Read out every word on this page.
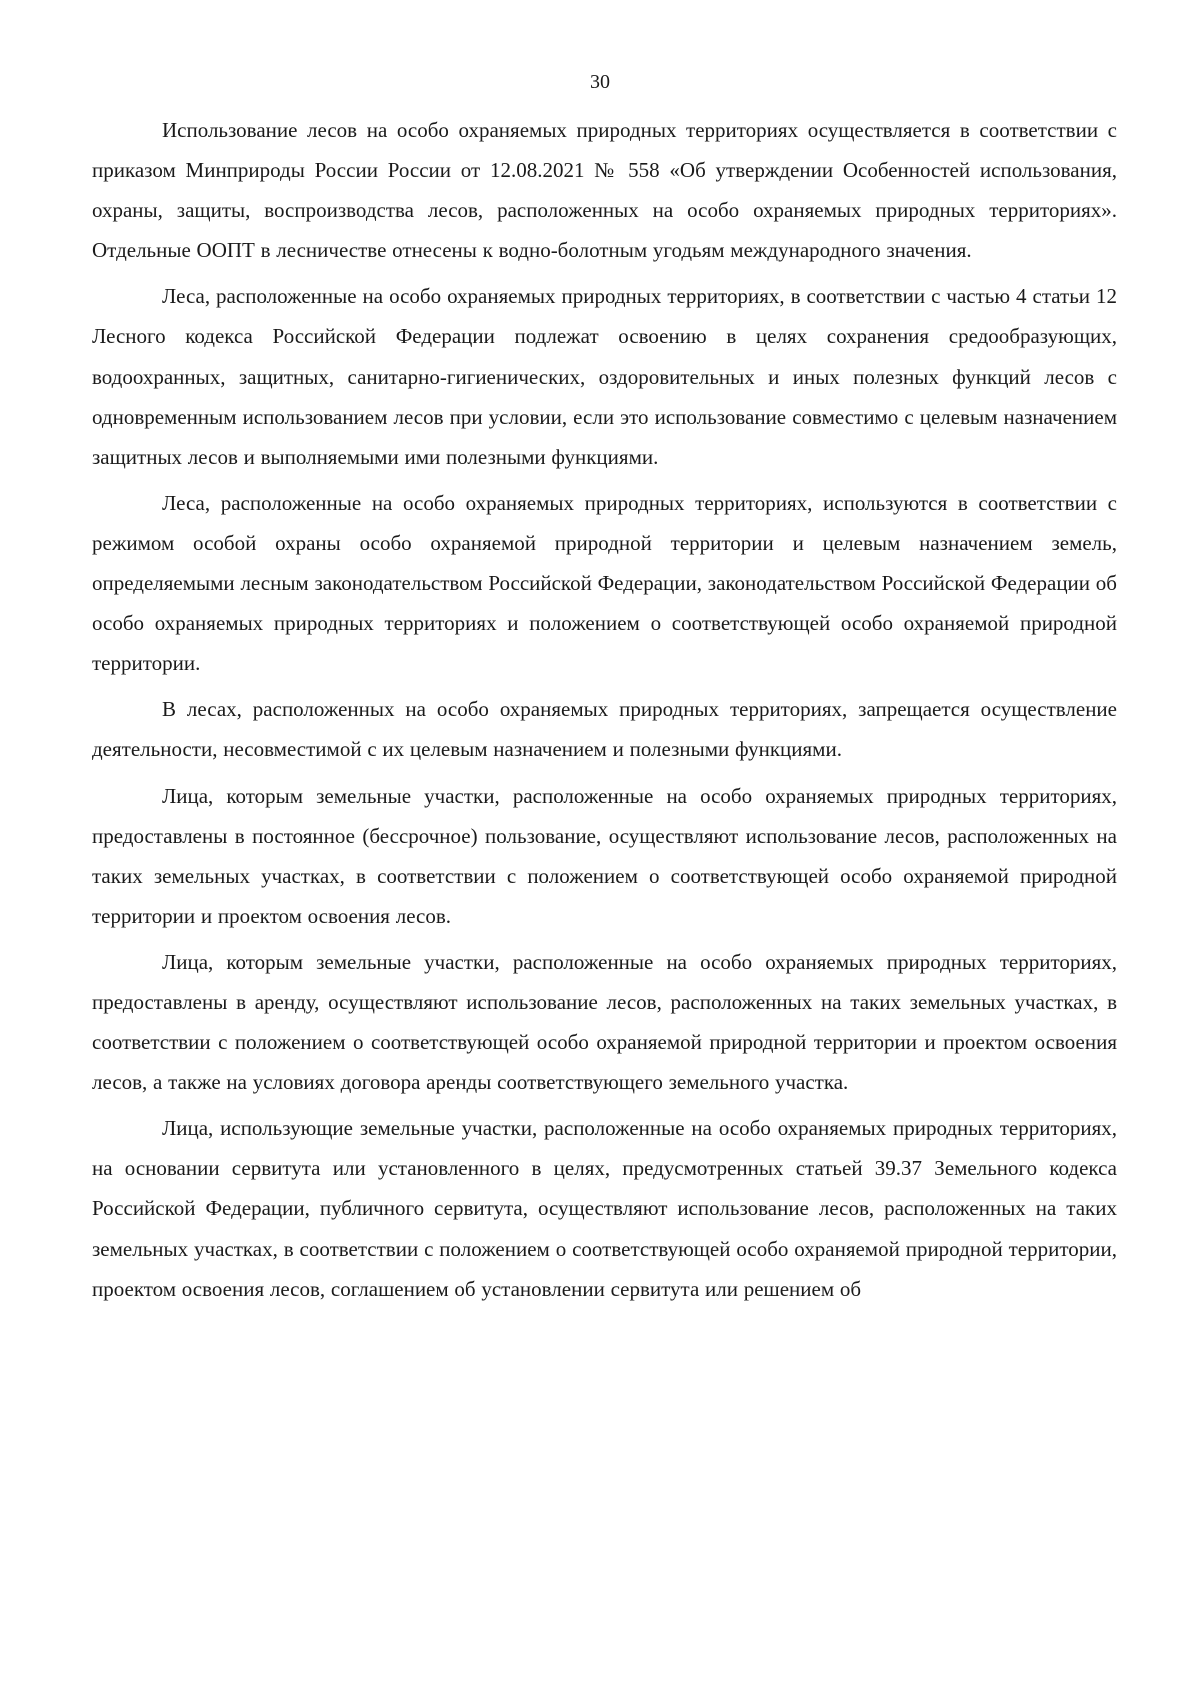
30

Использование лесов на особо охраняемых природных территориях осуществляется в соответствии с приказом Минприроды России России от 12.08.2021 № 558 «Об утверждении Особенностей использования, охраны, защиты, воспроизводства лесов, расположенных на особо охраняемых природных территориях». Отдельные ООПТ в лесничестве отнесены к водно-болотным угодьям международного значения.

Леса, расположенные на особо охраняемых природных территориях, в соответствии с частью 4 статьи 12 Лесного кодекса Российской Федерации подлежат освоению в целях сохранения средообразующих, водоохранных, защитных, санитарно-гигиенических, оздоровительных и иных полезных функций лесов с одновременным использованием лесов при условии, если это использование совместимо с целевым назначением защитных лесов и выполняемыми ими полезными функциями.

Леса, расположенные на особо охраняемых природных территориях, используются в соответствии с режимом особой охраны особо охраняемой природной территории и целевым назначением земель, определяемыми лесным законодательством Российской Федерации, законодательством Российской Федерации об особо охраняемых природных территориях и положением о соответствующей особо охраняемой природной территории.

В лесах, расположенных на особо охраняемых природных территориях, запрещается осуществление деятельности, несовместимой с их целевым назначением и полезными функциями.

Лица, которым земельные участки, расположенные на особо охраняемых природных территориях, предоставлены в постоянное (бессрочное) пользование, осуществляют использование лесов, расположенных на таких земельных участках, в соответствии с положением о соответствующей особо охраняемой природной территории и проектом освоения лесов.

Лица, которым земельные участки, расположенные на особо охраняемых природных территориях, предоставлены в аренду, осуществляют использование лесов, расположенных на таких земельных участках, в соответствии с положением о соответствующей особо охраняемой природной территории и проектом освоения лесов, а также на условиях договора аренды соответствующего земельного участка.

Лица, использующие земельные участки, расположенные на особо охраняемых природных территориях, на основании сервитута или установленного в целях, предусмотренных статьей 39.37 Земельного кодекса Российской Федерации, публичного сервитута, осуществляют использование лесов, расположенных на таких земельных участках, в соответствии с положением о соответствующей особо охраняемой природной территории, проектом освоения лесов, соглашением об установлении сервитута или решением об
